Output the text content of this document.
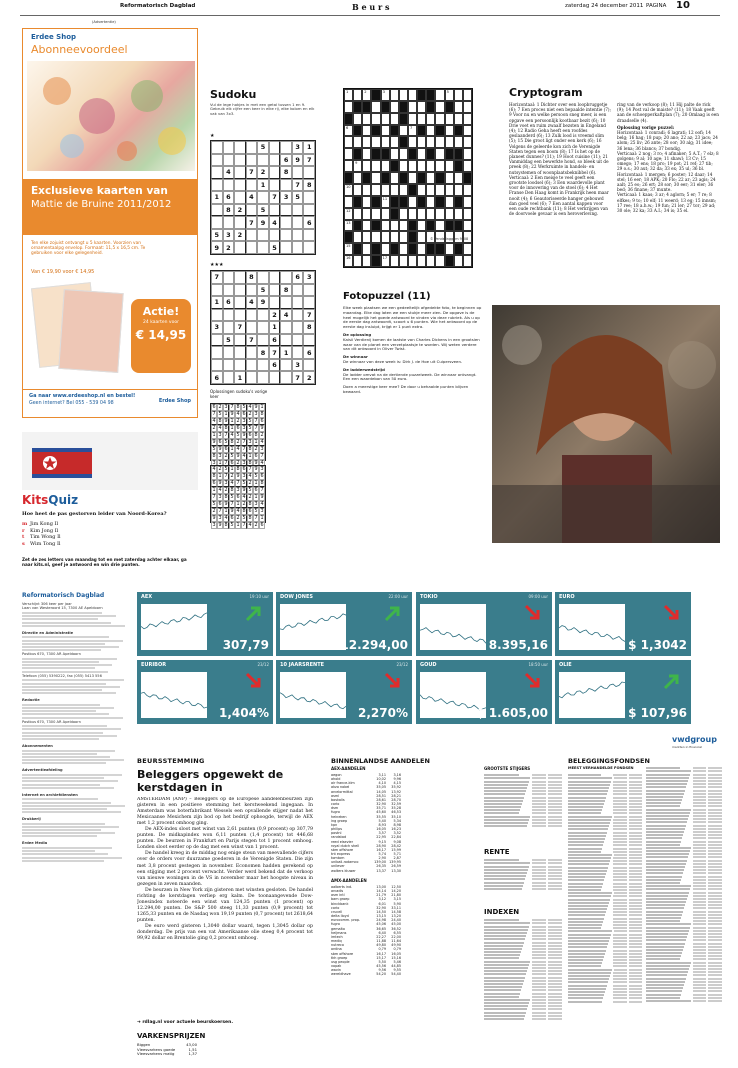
Reformatorisch Dagblad	B e u r s	zaterdag 24 december 2011 PAGINA 10
(Advertentie)
Erdee Shop
Abonneevoordeel
Exclusieve kaarten van
Mattie de Bruine 2011/2012
Ten elke zojuist ontvangt u 5 kaarten. Voorzien van ornamentaalpg envelop. Formaat: 11,5 x 16,5 cm. Te gebruiken voor elke gelegenheid.
Van € 19,90 voor € 14,95
Actie!
24 kaarten voor
€ 14,95
Ga naar www.erdeeshop.nl en bestel!
Geen internet? Bel 055 - 539 04 98	Erdee Shop
KitsQuiz
Hoe heet de pas gestorven leider van Noord-Korea?
m Jim Kong Il
r Kim Jong Il
t Tim Wong Il
s Wim Tong Il
Zet de zes letters van maandag tot en met zaterdag achter elkaar, ga naar kits.nl, geef je antwoord en win drie punten.
Sudoku
Vul de lege hokjes in met een getal tussen 1 en 9. Gebruik elk cijfer een keer in elke rij, elke kolom en elk vak van 3x3.
★
5	3	1
6	9	7
4	7	2	8
1	7	8
1	6	4	7	3	5
8	2	5
7	9	4	6
5	3	2
9	2	5
★★★
7	8	6	3
5	8
1	6	4	9
2	4	7
3	7	1	8
5	7	6
8	7	1	6
6	3
6	1	7	2
Oplossingen sudoku's vorige keer
6 2 3 7 8 5 4 9 1
7 5 1 9 4 6 2 3 8
4 8 9 1 2 3 5 7 6
2 4 8 1 6 3 5 7 9
1 3 7 4 5 9 6 8 2
9 6 5 8 2 7 3 1 4
5 9 6 1 4 7 8 2 3
8 3 2 5 9 4 1 6 7
3 1 7 6 2 3 8 9 4
4 2 5 1 8 6 7 9 3
8 1 7 2 9 3 4 5 6
6 9 3 4 7 5 2 1 8
1 4 2 8 3 9 5 6 7
7 3 8 5 6 4 2 1 9
5 6 9 7 1 2 8 3 4
2 7 1 9 4 8 6 5 3
9 3 4 6 2 5 8 7 1
3 9 8 5 1 7 4 2 6
1	2	3	5
6	7
9
10
11
12
13
15
16	17
© Pendelinggym 9108
Cryptogram
Horizontaal: 1 Dichter over een loopbruggetje (6); 7 Een proces niet een bepaalde intentie (7); 9 Voor nu en welke persoon sneg meer, is een opgave een persoonlijk kootbaar bezit (6); 10 Drie voet en ruim zwaalf bezsten in Engeland (4); 12 Radio Geha heeft een roofdes geslaanderd (6); 13 Zulk lood is vreemd slim (5); 15 Die groot ligt onder een kerk (6); 16 Volgens de geleerde kon zich de Verenigde Staten tegen een boom (8); 17 Is het op de planeet dunnes? (11); 19 Hoot cuisine (11); 21 Vanmiddag een bewerkte hond, so bleek uit de preek (8); 22 Werkruimte in handels- en nutsystemen of woonplaatsbeknibbel (6). Verticaal: 2 Een meisje te veel geeft een grootste loodsel (6); 3 Een waardevolle plant voor de innovering van de stoel (6); 4 Het Franse Den Haag komt in Frankrijk heen maar nooit (4); 6 Geautoriseerde hanger gebouwd dan goed veel (6); 7 Een aantal kappen voor een oude rechtbank (11); 8 Het verkrijgen van de doorvoele gevaar is een heroverleving.
ring van de verkoop (8); 11 Hij palte de rick (9); 14 Post val de maiste? (11); 18 Vaak geeft aan de schoepperkaftplan (7); 20 Omlaag is een draadselle (4).
Oplossing vorige puzzel:
Horizontaal: 1 conradi; 6 lagrati; 12 oofi; 14 belg; 16 hag; 18 pup; 20 ano; 22 az; 23 jacs; 24 alom; 25 liv; 26 ante; 28 oor; 30 alg; 31 idee; 36 lena; 36 blancs; 37 bondig.
Verticaal: 2 nog; 3 ro; 4 afinaker; 5 A.T.; 7 elz; 8 golgens; 9 al; 10 age; 11 shawl; 13 Cv; 15 omego; 17 ens; 18 pro; 19 pot; 21 ref; 27 tib; 29 o.s.; 30 aut; 32 da; 33 ex; 35 ul; 36 bl.
Horizontaal: 1 mergen; 6 poster; 12 daar; 14 stel; 16 eer; 18 APK; 20 Flo; 22 ar; 23 agis; 24 aalt; 25 eo; 26 ert; 28 sor; 30 eer; 31 eler; 36 bed; 36 finane; 37 munte.
Verticaal: 1 kaas; 3 ar; 4 aglorn; 5 er; 7 re; 8 elfkes; 9 to; 10 elf; 11 weerd; 13 eg; 15 innsm; 17 ree; 18 a.h.w.; 19 fun; 21 ler; 27 tor; 29 ad; 30 ole; 32 ka; 33 A.I.; 34 is; 35 el.
Fotopuzzel (11)
Elke week plaatsen we een gedeeltelijk afgedekte foto, te beginnen op maandag. Elke dag laten we een stukje meer zien. De opgave is de heel mogelijk het goede antwoord te vinden via deze rubriek. Als u op de eerste dag antwoordt, scoort u 6 punten. Wie het antwoord op de eerste dag insluipt, krijgt er 1 punt extra.
De oplossing
Kaisii Verdienij komen de laatste van Charles Dickens in een grootsien waar van de planet een verzetplaatsje te worden. Wij weten verdere van dit antwoord in Oliver Twist.
De winnaar
De winnaar van deze week is: Dirk J. de Hoe uit Cuipersveen.
De ladderwedstrijd
De ladder omvat na de dertiende puzzelweek. De winnaar ontvangt. Een een waardebon van 50 euro.
Doen a meerstige keer mee? De door u behaalde punten blijven bewaard.
Reformatorisch Dagblad
Verschijnt 306 keer per jaar
Laan van Westeroord 15, 7300 AE Apeldoorn
Directie en Administratie
Postbus 670, 7300 AR Apeldoorn
Telefoon (055) 5390222, fax (055) 5413 556
Redactie
Postbus 670, 7300 AR Apeldoorn
Abonnementen
Advertentieafdeling
Internet en archiefdiensten
Drukkerij
Erdee Media
AEX	19:10 uur
307,79
DOW JONES	22:00 uur
12.294,00
TOKIO	09:00 uur
8.395,16
EURO
$ 1,3042
EURIBOR	23/12
1,404%
10 JAARSRENTE	23/12
2,270%
GOUD	18:50 uur
$ 1.605,00
OLIE
$ 107,96
vwdgroup
markten in financial
BEURSSTEMMING
Beleggers opgewekt de kerstdagen in

AMSTERDAM (ANP) – Beleggers op de Europese aandelenbeurzen zijn gisteren in een positieve stemming het kerstweekend ingegaan. In Amsterdam was boterfabrikant Wessels een opvallende stijger nadat het Mexicaanse Mexichem zijn bod op het bedrijf ophoogde, terwijl de AEX met 1,2 procent omhoog ging.

De AEX-index sloot met winst van 2,61 punten (0,9 procent) op 307,79 punten. De midkapindex won 6,11 punten (1,4 procent) tot 446,68 punten. De beurzen in Frankfurt en Parijs stegen tot 1 procent omhoog. Londen sloot eerder op de dag met een winst van 1 procent.

De handel kreeg in de middag nog enige steun van meevallende cijfers over de orders voor duurzame goederen in de Verenigde Staten. Die zijn met 3,8 procent gestegen in november. Economen hadden gerekend op een stijging met 2 procent verwacht. Verder werd bekend dat de verkoop van nieuwe woningen in de VS in november maar het hoogste niveau in gezegen in zeven maanden.

De beurzen in New York zijn gisteren met winsten gesloten. De handel richting de kerstdagen verliep erg kalm. De toonaangevende Dow-Jonesindex noteerde een winst van 124,35 punten (1 procent) op 12.294,00 punten. De S&P 500 steeg 11,33 punten (0,9 procent) tot 1265,33 punten en de Nasdaq won 19,19 punten (0,7 procent) tot 2618,64 punten.

De euro werd gisteren 1,3040 dollar waard, tegen 1,3045 dollar op donderdag. De prijs van een vat Amerikaanse olie steeg 0,4 procent tot 99,92 dollar en Brentolie ging 0,2 procent omhoog.

➔ rdlag.nl voor actuele beurskoersen.
VARKENSPRIJZEN
Biggen	43,00
Vleesvarkens goede	1,51
Vleesvarkens matig	1,37
BINNENLANDSE AANDELEN
AEX-AANDELEN
aegon	3,11	3,16
ahold	10,02	9,96
air france-klm	4,10	4,15
akzo nobel	35,05	35,92
arcelormittal	14,05	13,92
asml	28,51	28,21
boskalis	28,61	28,70
corio	32,90	32,59
dsm	35,71	35,28
fugro	45,60	46,53
heineken	35,55	35,10
ing groep	5,40	5,34
kpn	8,93	8,98
philips	16,05	16,23
postnl	3,57	3,52
randstad	22,95	22,84
reed elsevier	9,15	9,08
royal dutch shell	28,90	28,42
sbm offshore	16,17	15,99
tnt express	5,74	5,71
tomtom	2,90	2,87
unibail-rodamco	139,00 139,95
unilever	26,35	26,59
wolters kluwer	13,37	13,30
AMX-AANDELEN
aalberts ind.	13,00	12,50
arcadis	14,14	14,20
asm intl	21,79	21,80
bam groep	3,12	3,15
binckbank	6,01	5,90
corio	32,90	33,11
crucell	14,50	14,58
delta lloyd	13,15	13,20
eurocomm. prop.	24,98	24,40
fugro	45,06	45,00
gemalto	36,65	36,52
heijmans	6,40	6,55
imtech	22,27	22,00
mediq	11,88	11,64
nutreco	49,80	49,90
ordina	0,79	0,79
sbm offshore	16,17	16,05
tkh groep	15,17	15,16
usg people	5,50	5,46
vopak	45,56	44,85
wavin	9,56	9,55
wereldhave	54,20	54,40
GROOTSTE STIJGERS
RENTE
INDEXEN
BELEGGINGSFONDSEN
MEEST VERHANDELDE FONDSEN
